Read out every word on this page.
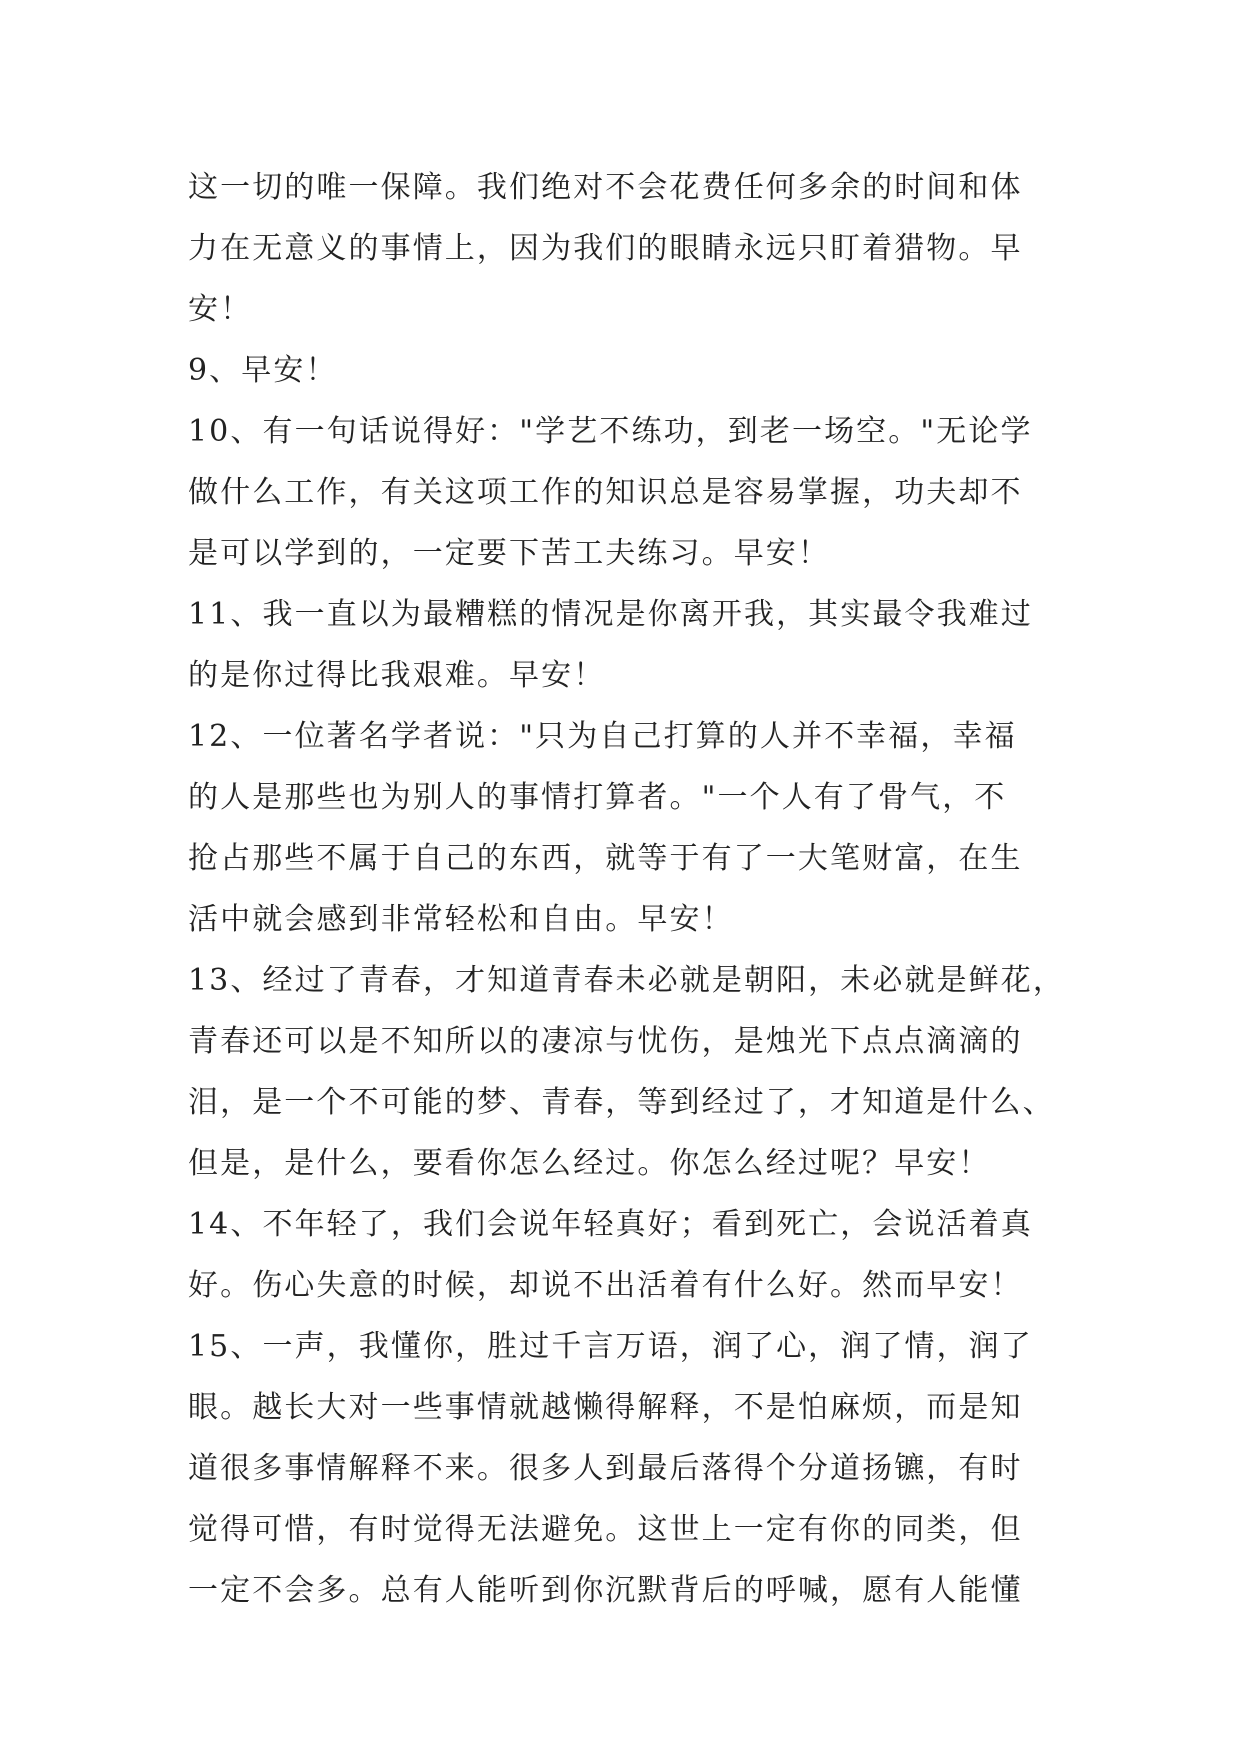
这一切的唯一保障。我们绝对不会花费任何多余的时间和体
力在无意义的事情上，因为我们的眼睛永远只盯着猎物。早
安！
9、早安！
10、有一句话说得好："学艺不练功，到老一场空。"无论学
做什么工作，有关这项工作的知识总是容易掌握，功夫却不
是可以学到的，一定要下苦工夫练习。早安！
11、我一直以为最糟糕的情况是你离开我，其实最令我难过
的是你过得比我艰难。早安！
12、一位著名学者说："只为自己打算的人并不幸福，幸福
的人是那些也为别人的事情打算者。"一个人有了骨气，不
抢占那些不属于自己的东西，就等于有了一大笔财富，在生
活中就会感到非常轻松和自由。早安！
13、经过了青春，才知道青春未必就是朝阳，未必就是鲜花，
青春还可以是不知所以的凄凉与忧伤，是烛光下点点滴滴的
泪，是一个不可能的梦、青春，等到经过了，才知道是什么、
但是，是什么，要看你怎么经过。你怎么经过呢？早安！
14、不年轻了，我们会说年轻真好；看到死亡，会说活着真
好。伤心失意的时候，却说不出活着有什么好。然而早安！
15、一声，我懂你，胜过千言万语，润了心，润了情，润了
眼。越长大对一些事情就越懒得解释，不是怕麻烦，而是知
道很多事情解释不来。很多人到最后落得个分道扬镳，有时
觉得可惜，有时觉得无法避免。这世上一定有你的同类，但
一定不会多。总有人能听到你沉默背后的呼喊，愿有人能懂
